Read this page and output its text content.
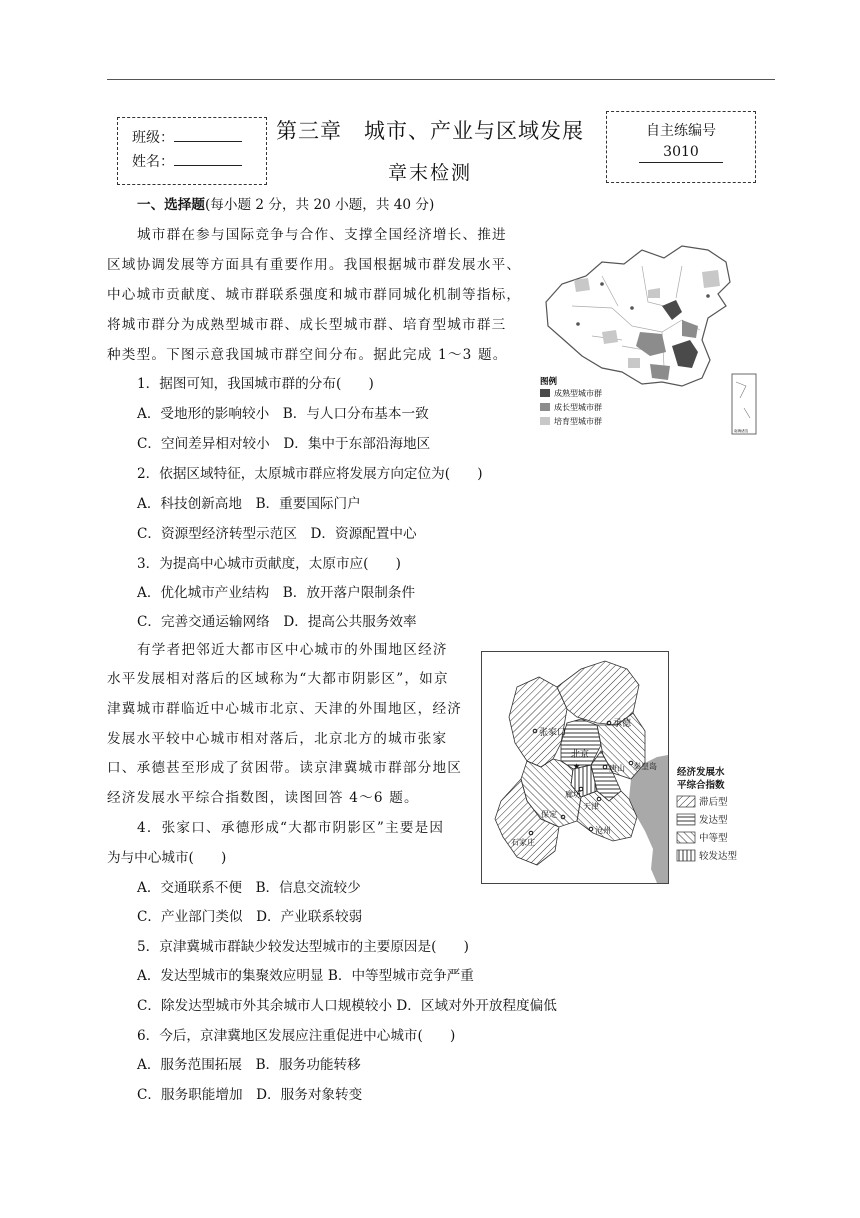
班级：
姓名：
第三章　城市、产业与区域发展
章末检测
自主练编号
3010
一、选择题(每小题 2 分，共 20 小题，共 40 分)
城市群在参与国际竞争与合作、支撑全国经济增长、推进
区域协调发展等方面具有重要作用。我国根据城市群发展水平、
中心城市贡献度、城市群联系强度和城市群同城化机制等指标，
将城市群分为成熟型城市群、成长型城市群、培育型城市群三
种类型。下图示意我国城市群空间分布。据此完成 1～3 题。
图例
成熟型城市群
成长型城市群
培育型城市群
南海诸岛
1．据图可知，我国城市群的分布(　　)
A．受地形的影响较小　B．与人口分布基本一致
C．空间差异相对较小　D．集中于东部沿海地区
2．依据区域特征，太原城市群应将发展方向定位为(　　)
A．科技创新高地　B．重要国际门户
C．资源型经济转型示范区　D．资源配置中心
3．为提高中心城市贡献度，太原市应(　　)
A．优化城市产业结构　B．放开落户限制条件
C．完善交通运输网络　D．提高公共服务效率
有学者把邻近大都市区中心城市的外围地区经济
水平发展相对落后的区域称为“大都市阴影区”，如京
津冀城市群临近中心城市北京、天津的外围地区，经济
发展水平较中心城市相对落后，北京北方的城市张家
口、承德甚至形成了贫困带。读京津冀城市群部分地区
经济发展水平综合指数图，读图回答 4～6 题。
张家口
北京
★
承德
唐山 秦皇岛
廊坊
天津
保定
沧州
石家庄
经济发展水
平综合指数
滞后型
发达型
中等型
较发达型
4．张家口、承德形成“大都市阴影区”主要是因
为与中心城市(　　)
A．交通联系不便　B．信息交流较少
C．产业部门类似　D．产业联系较弱
5．京津冀城市群缺少较发达型城市的主要原因是(　　)
A．发达型城市的集聚效应明显 B．中等型城市竞争严重
C．除发达型城市外其余城市人口规模较小 D．区域对外开放程度偏低
6．今后，京津冀地区发展应注重促进中心城市(　　)
A．服务范围拓展　B．服务功能转移
C．服务职能增加　D．服务对象转变
